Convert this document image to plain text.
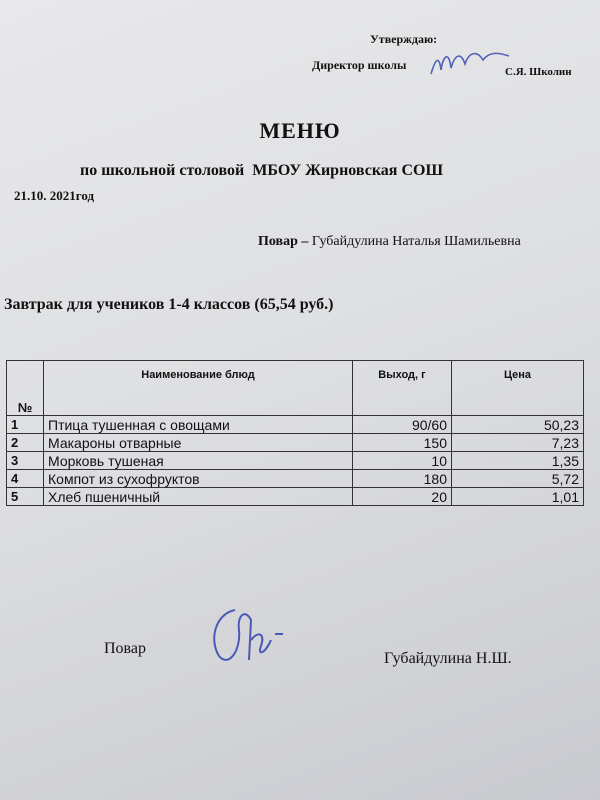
Утверждаю:
Директор школы	С.Я. Школин
МЕНЮ
по школьной столовой МБОУ Жирновская СОШ
21.10. 2021год
Повар – Губайдулина Наталья Шамильевна
Завтрак для учеников 1-4 классов (65,54 руб.)
№	Наименование блюд	Выход, г	Цена
1	Птица тушенная с овощами	90/60	50,23
2	Макароны отварные	150	7,23
3	Морковь тушеная	10	1,35
4	Компот из сухофруктов	180	5,72
5	Хлеб пшеничный	20	1,01
Повар
Губайдулина Н.Ш.
